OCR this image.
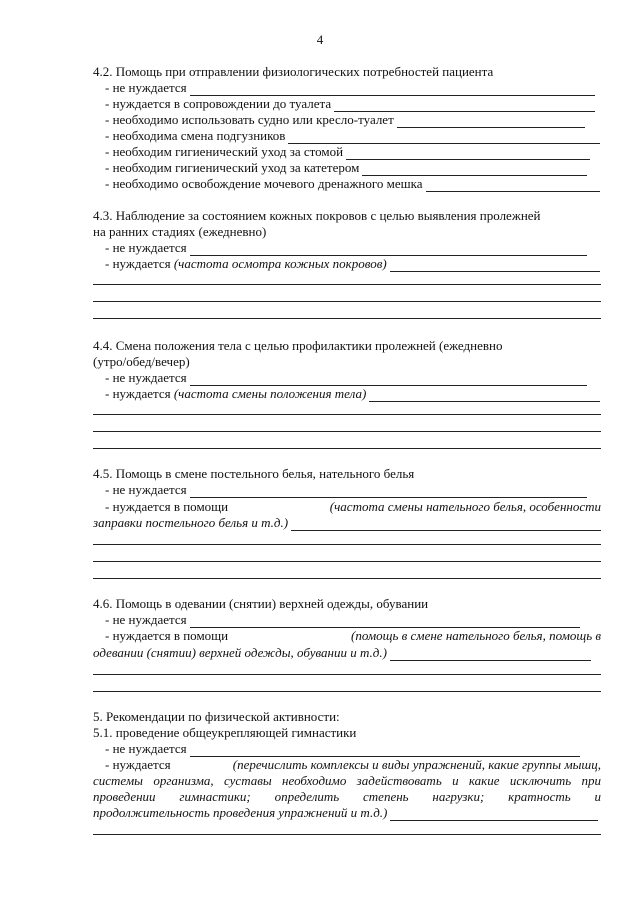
4
4.2. Помощь при отправлении физиологических потребностей пациента
- не нуждается
- нуждается в сопровождении до туалета
- необходимо использовать судно или кресло-туалет
- необходима смена подгузников
- необходим гигиенический уход за стомой
- необходим гигиенический уход за катетером
- необходимо освобождение мочевого дренажного мешка
4.3. Наблюдение за состоянием кожных покровов с целью выявления пролежней
на ранних стадиях (ежедневно)
- не нуждается
- нуждается
(частота осмотра кожных покровов)
4.4. Смена положения тела с целью профилактики пролежней (ежедневно
(утро/обед/вечер)
- не нуждается
- нуждается
(частота смены положения тела)
4.5. Помощь в смене постельного белья, нательного белья
- не нуждается
- нуждается в помощи	(частота смены нательного белья, особенности
заправки постельного белья и т.д.)
4.6. Помощь в одевании (снятии) верхней одежды, обувании
- не нуждается
- нуждается в помощи	(помощь в смене нательного белья, помощь в
одевании (снятии) верхней одежды, обувании и т.д.)
5. Рекомендации по физической активности:
5.1. проведение общеукрепляющей гимнастики
- не нуждается
- нуждается	(перечислить комплексы и виды упражнений, какие группы мышц,
системы организма, суставы необходимо задействовать и какие исключить при
проведении гимнастики; определить степень нагрузки; кратность и
продолжительность проведения упражнений и т.д.)
